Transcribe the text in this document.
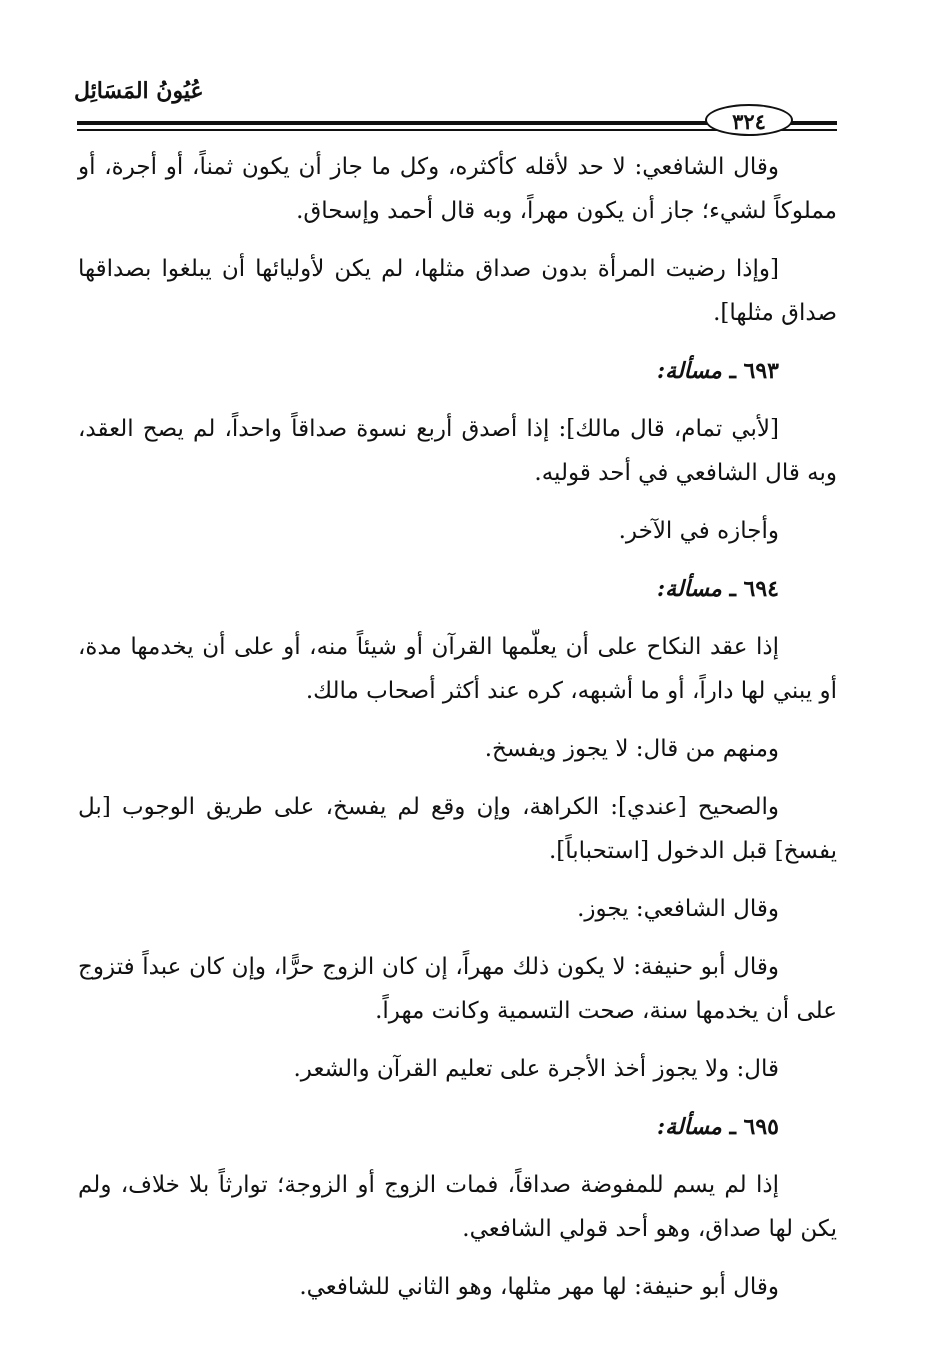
عُيُونُ المَسَائِل
٣٢٤

وقال الشافعي: لا حد لأقله كأكثره، وكل ما جاز أن يكون ثمناً، أو أجرة، أو مملوكاً لشيء؛ جاز أن يكون مهراً، وبه قال أحمد وإسحاق.

[وإذا رضيت المرأة بدون صداق مثلها، لم يكن لأوليائها أن يبلغوا بصداقها صداق مثلها].

٦٩٣ ـ مسألة:

[لأبي تمام، قال مالك]: إذا أصدق أربع نسوة صداقاً واحداً، لم يصح العقد، وبه قال الشافعي في أحد قوليه.

وأجازه في الآخر.

٦٩٤ ـ مسألة:

إذا عقد النكاح على أن يعلّمها القرآن أو شيئاً منه، أو على أن يخدمها مدة، أو يبني لها داراً، أو ما أشبهه، كره عند أكثر أصحاب مالك.

ومنهم من قال: لا يجوز ويفسخ.

والصحيح [عندي]: الكراهة، وإن وقع لم يفسخ، على طريق الوجوب [بل يفسخ] قبل الدخول [استحباباً].

وقال الشافعي: يجوز.

وقال أبو حنيفة: لا يكون ذلك مهراً، إن كان الزوج حرًّا، وإن كان عبداً فتزوج على أن يخدمها سنة، صحت التسمية وكانت مهراً.

قال: ولا يجوز أخذ الأجرة على تعليم القرآن والشعر.

٦٩٥ ـ مسألة:

إذا لم يسم للمفوضة صداقاً، فمات الزوج أو الزوجة؛ توارثاً بلا خلاف، ولم يكن لها صداق، وهو أحد قولي الشافعي.

وقال أبو حنيفة: لها مهر مثلها، وهو الثاني للشافعي.
